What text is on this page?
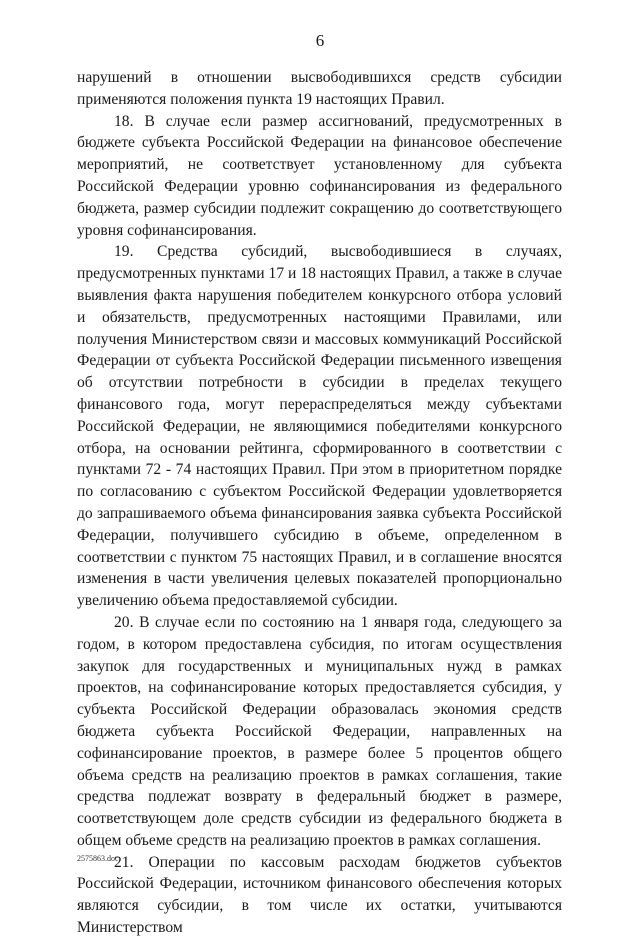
6

нарушений в отношении высвободившихся средств субсидии применяются положения пункта 19 настоящих Правил.

18. В случае если размер ассигнований, предусмотренных в бюджете субъекта Российской Федерации на финансовое обеспечение мероприятий, не соответствует установленному для субъекта Российской Федерации уровню софинансирования из федерального бюджета, размер субсидии подлежит сокращению до соответствующего уровня софинансирования.

19. Средства субсидий, высвободившиеся в случаях, предусмотренных пунктами 17 и 18 настоящих Правил, а также в случае выявления факта нарушения победителем конкурсного отбора условий и обязательств, предусмотренных настоящими Правилами, или получения Министерством связи и массовых коммуникаций Российской Федерации от субъекта Российской Федерации письменного извещения об отсутствии потребности в субсидии в пределах текущего финансового года, могут перераспределяться между субъектами Российской Федерации, не являющимися победителями конкурсного отбора, на основании рейтинга, сформированного в соответствии с пунктами 72 - 74 настоящих Правил. При этом в приоритетном порядке по согласованию с субъектом Российской Федерации удовлетворяется до запрашиваемого объема финансирования заявка субъекта Российской Федерации, получившего субсидию в объеме, определенном в соответствии с пунктом 75 настоящих Правил, и в соглашение вносятся изменения в части увеличения целевых показателей пропорционально увеличению объема предоставляемой субсидии.

20. В случае если по состоянию на 1 января года, следующего за годом, в котором предоставлена субсидия, по итогам осуществления закупок для государственных и муниципальных нужд в рамках проектов, на софинансирование которых предоставляется субсидия, у субъекта Российской Федерации образовалась экономия средств бюджета субъекта Российской Федерации, направленных на софинансирование проектов, в размере более 5 процентов общего объема средств на реализацию проектов в рамках соглашения, такие средства подлежат возврату в федеральный бюджет в размере, соответствующем доле средств субсидии из федерального бюджета в общем объеме средств на реализацию проектов в рамках соглашения.

21. Операции по кассовым расходам бюджетов субъектов Российской Федерации, источником финансового обеспечения которых являются субсидии, в том числе их остатки, учитываются Министерством

2575863.doc
